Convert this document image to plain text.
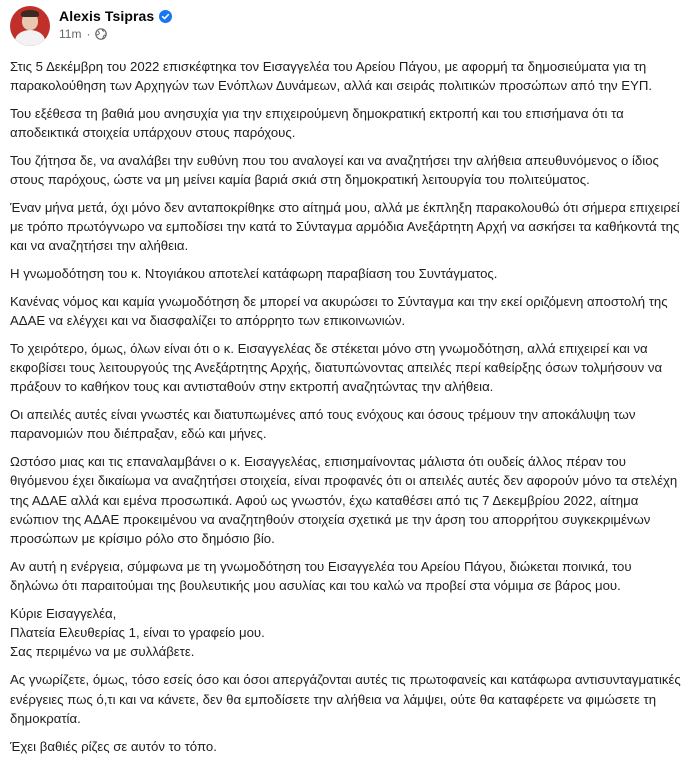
Alexis Tsipras
11m ·

Στις 5 Δεκέμβρη του 2022 επισκέφτηκα τον Εισαγγελέα του Αρείου Πάγου, με αφορμή τα δημοσιεύματα για τη παρακολούθηση των Αρχηγών των Ενόπλων Δυνάμεων, αλλά και σειράς πολιτικών προσώπων από την ΕΥΠ.

Του εξέθεσα τη βαθιά μου ανησυχία για την επιχειρούμενη δημοκρατική εκτροπή και του επισήμανα ότι τα αποδεικτικά στοιχεία υπάρχουν στους παρόχους.

Του ζήτησα δε, να αναλάβει την ευθύνη που του αναλογεί και να αναζητήσει την αλήθεια απευθυνόμενος ο ίδιος στους παρόχους, ώστε να μη μείνει καμία βαριά σκιά στη δημοκρατική λειτουργία του πολιτεύματος.

Έναν μήνα μετά, όχι μόνο δεν ανταποκρίθηκε στο αίτημά μου, αλλά με έκπληξη παρακολουθώ ότι σήμερα επιχειρεί με τρόπο πρωτόγνωρο να εμποδίσει την κατά το Σύνταγμα αρμόδια Ανεξάρτητη Αρχή να ασκήσει τα καθήκοντά της και να αναζητήσει την αλήθεια.

Η γνωμοδότηση του κ. Ντογιάκου αποτελεί κατάφωρη παραβίαση του Συντάγματος.

Κανένας νόμος και καμία γνωμοδότηση δε μπορεί να ακυρώσει το Σύνταγμα και την εκεί οριζόμενη αποστολή της ΑΔΑΕ να ελέγχει και να διασφαλίζει το απόρρητο των επικοινωνιών.

Το χειρότερο, όμως, όλων είναι ότι ο κ. Εισαγγελέας δε στέκεται μόνο στη γνωμοδότηση, αλλά επιχειρεί και να εκφοβίσει τους λειτουργούς της Ανεξάρτητης Αρχής, διατυπώνοντας απειλές περί καθείρξης όσων τολμήσουν να πράξουν το καθήκον τους και αντισταθούν στην εκτροπή αναζητώντας την αλήθεια.

Οι απειλές αυτές είναι γνωστές και διατυπωμένες από τους ενόχους και όσους τρέμουν την αποκάλυψη των παρανομιών που διέπραξαν, εδώ και μήνες.

Ωστόσο μιας και τις επαναλαμβάνει ο κ. Εισαγγελέας, επισημαίνοντας μάλιστα ότι ουδείς άλλος πέραν του θιγόμενου έχει δικαίωμα να αναζητήσει στοιχεία, είναι προφανές ότι οι απειλές αυτές δεν αφορούν μόνο τα στελέχη της ΑΔΑΕ αλλά και εμένα προσωπικά. Αφού ως γνωστόν, έχω καταθέσει από τις 7 Δεκεμβρίου 2022, αίτημα ενώπιον της ΑΔΑΕ προκειμένου να αναζητηθούν στοιχεία σχετικά με την άρση του απορρήτου συγκεκριμένων προσώπων με κρίσιμο ρόλο στο δημόσιο βίο.

Αν αυτή η ενέργεια, σύμφωνα με τη γνωμοδότηση του Εισαγγελέα του Αρείου Πάγου, διώκεται ποινικά, του δηλώνω ότι παραιτούμαι της βουλευτικής μου ασυλίας και του καλώ να προβεί στα νόμιμα σε βάρος μου.

Κύριε Εισαγγελέα,

Πλατεία Ελευθερίας 1, είναι το γραφείο μου.

Σας περιμένω να με συλλάβετε.

Ας γνωρίζετε, όμως, τόσο εσείς όσο και όσοι απεργάζονται αυτές τις πρωτοφανείς και κατάφωρα αντισυνταγματικές ενέργειες πως ό,τι και να κάνετε, δεν θα εμποδίσετε την αλήθεια να λάμψει, ούτε θα καταφέρετε να φιμώσετε τη δημοκρατία.

Έχει βαθιές ρίζες σε αυτόν το τόπο.
